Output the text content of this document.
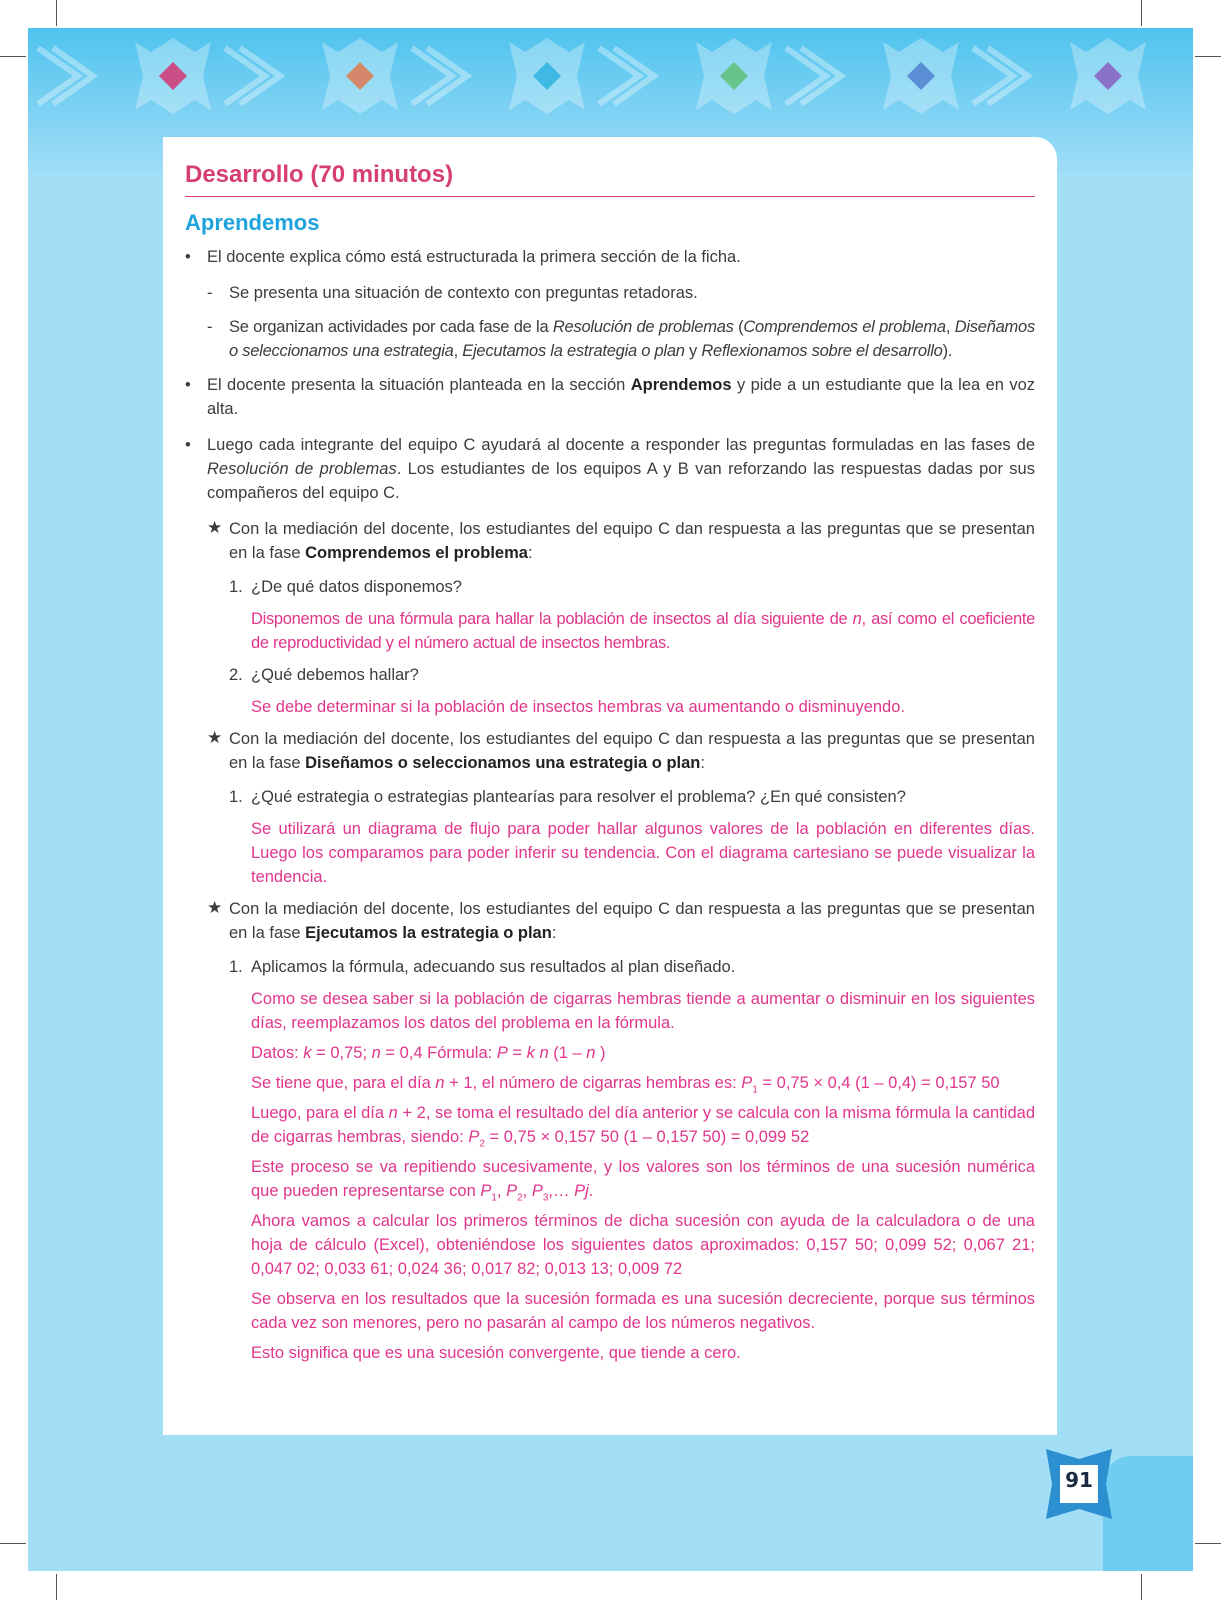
Desarrollo (70 minutos)
Aprendemos
• El docente explica cómo está estructurada la primera sección de la ficha.
- Se presenta una situación de contexto con preguntas retadoras.
- Se organizan actividades por cada fase de la Resolución de problemas (Comprendemos el problema, Diseñamos o seleccionamos una estrategia, Ejecutamos la estrategia o plan y Reflexionamos sobre el desarrollo).
• El docente presenta la situación planteada en la sección Aprendemos y pide a un estudiante que la lea en voz alta.
• Luego cada integrante del equipo C ayudará al docente a responder las preguntas formuladas en las fases de Resolución de problemas. Los estudiantes de los equipos A y B van reforzando las respuestas dadas por sus compañeros del equipo C.
★ Con la mediación del docente, los estudiantes del equipo C dan respuesta a las preguntas que se presentan en la fase Comprendemos el problema:
1. ¿De qué datos disponemos?
Disponemos de una fórmula para hallar la población de insectos al día siguiente de n, así como el coeficiente de reproductividad y el número actual de insectos hembras.
2. ¿Qué debemos hallar?
Se debe determinar si la población de insectos hembras va aumentando o disminuyendo.
★ Con la mediación del docente, los estudiantes del equipo C dan respuesta a las preguntas que se presentan en la fase Diseñamos o seleccionamos una estrategia o plan:
1. ¿Qué estrategia o estrategias plantearías para resolver el problema? ¿En qué consisten?
Se utilizará un diagrama de flujo para poder hallar algunos valores de la población en diferentes días. Luego los comparamos para poder inferir su tendencia. Con el diagrama cartesiano se puede visualizar la tendencia.
★ Con la mediación del docente, los estudiantes del equipo C dan respuesta a las preguntas que se presentan en la fase Ejecutamos la estrategia o plan:
1. Aplicamos la fórmula, adecuando sus resultados al plan diseñado.

Como se desea saber si la población de cigarras hembras tiende a aumentar o disminuir en los siguientes días, reemplazamos los datos del problema en la fórmula.

Datos: k = 0,75; n = 0,4 Fórmula: P = k n (1 – n )

Se tiene que, para el día n + 1, el número de cigarras hembras es: $P_1 = 0,75 \times 0,4$ (1 – 0,4) = 0,157 50

Luego, para el día n + 2, se toma el resultado del día anterior y se calcula con la misma fórmula la cantidad de cigarras hembras, siendo: $P_2 = 0,75 \times 0,157$ 50 (1 – 0,157 50) = 0,099 52

Este proceso se va repitiendo sucesivamente, y los valores son los términos de una sucesión numérica que pueden representarse con $P_1$, $P_2$, $P_3,\dots$ Pj.

Ahora vamos a calcular los primeros términos de dicha sucesión con ayuda de la calculadora o de una hoja de cálculo (Excel), obteniéndose los siguientes datos aproximados: 0,157 50; 0,099 52; 0,067 21; 0,047 02; 0,033 61; 0,024 36; 0,017 82; 0,013 13; 0,009 72

Se observa en los resultados que la sucesión formada es una sucesión decreciente, porque sus términos cada vez son menores, pero no pasarán al campo de los números negativos.

Esto significa que es una sucesión convergente, que tiende a cero.

91
